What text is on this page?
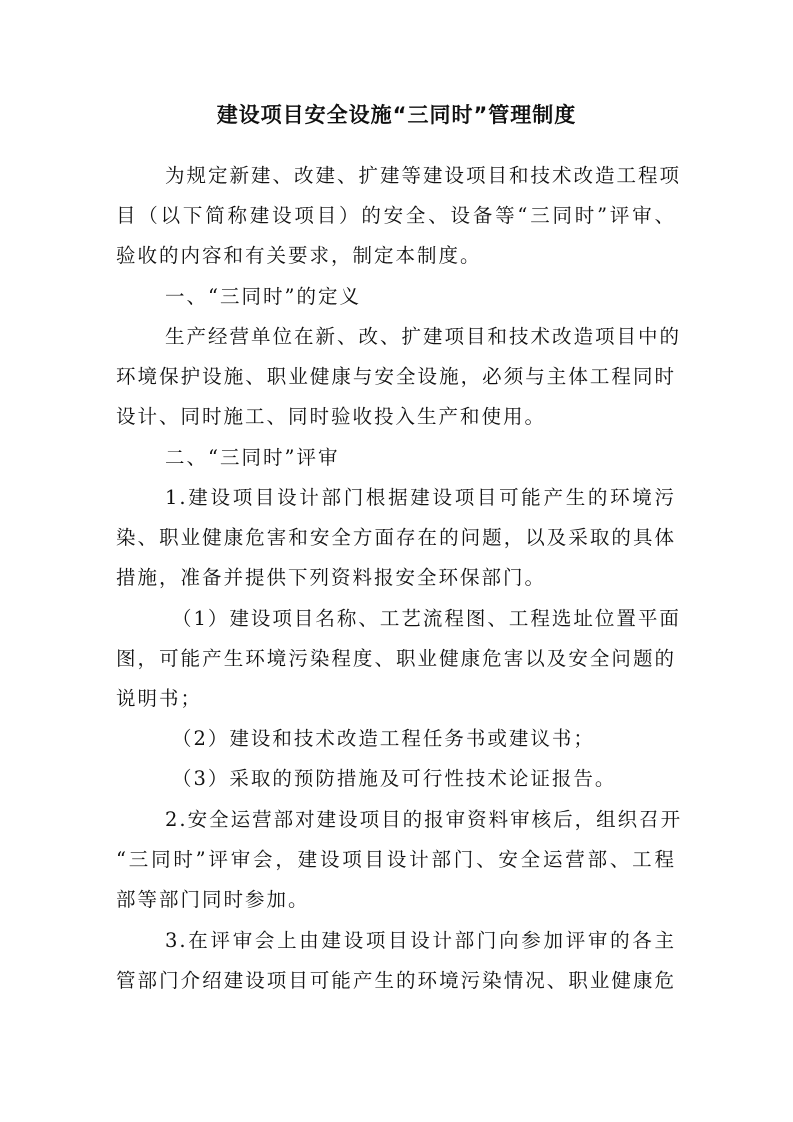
建设项目安全设施“三同时”管理制度
为规定新建、改建、扩建等建设项目和技术改造工程项
目（以下简称建设项目）的安全、设备等“三同时”评审、
验收的内容和有关要求，制定本制度。
一、“三同时”的定义
生产经营单位在新、改、扩建项目和技术改造项目中的
环境保护设施、职业健康与安全设施，必须与主体工程同时
设计、同时施工、同时验收投入生产和使用。
二、“三同时”评审
1.建设项目设计部门根据建设项目可能产生的环境污
染、职业健康危害和安全方面存在的问题，以及采取的具体
措施，准备并提供下列资料报安全环保部门。
（1）建设项目名称、工艺流程图、工程选址位置平面
图，可能产生环境污染程度、职业健康危害以及安全问题的
说明书；
（2）建设和技术改造工程任务书或建议书；
（3）采取的预防措施及可行性技术论证报告。
2.安全运营部对建设项目的报审资料审核后，组织召开
“三同时”评审会，建设项目设计部门、安全运营部、工程
部等部门同时参加。
3.在评审会上由建设项目设计部门向参加评审的各主
管部门介绍建设项目可能产生的环境污染情况、职业健康危
